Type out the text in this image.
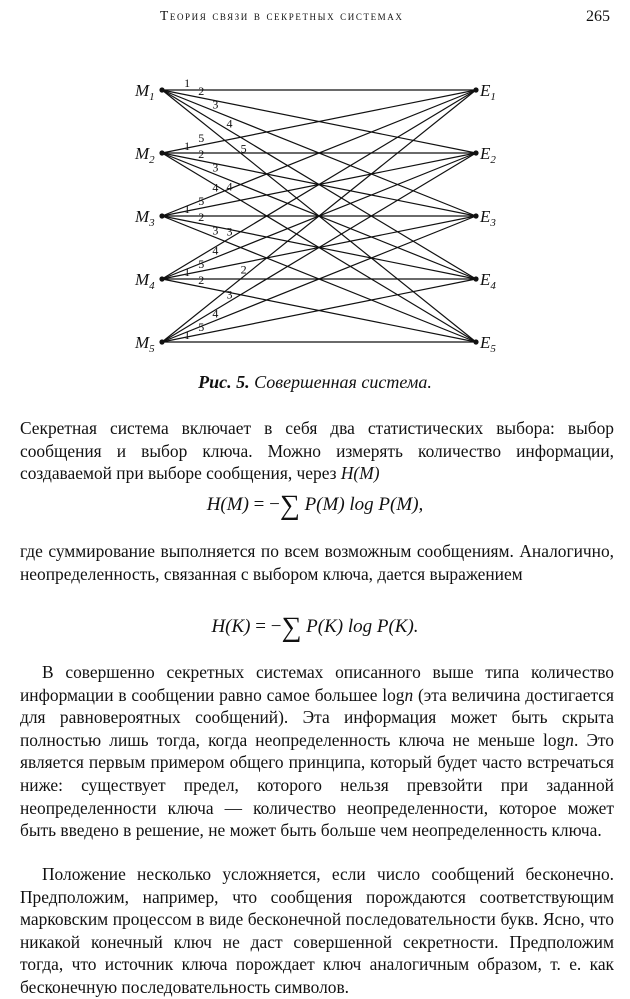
Теория связи в секретных системах	265
1
2
3
4
5
5
1
2
3
4
4
5
1
2
3 3
4
5
1
2
2
3
4
5
1
$M_1$	$E_1$
$M_2$	$E_2$
$M_3$	$E_3$
$M_4$	$E_4$
$M_5$	$E_5$
Рис. 5. Совершенная система.
Секретная система включает в себя два статистических выбора: выбор сообщения и выбор ключа. Можно измерять количество информации, создаваемой при выборе сообщения, через H(M)
H(M) = −∑ P(M) log P(M),
где суммирование выполняется по всем возможным сообщениям. Аналогично, неопределенность, связанная с выбором ключа, дается выражением
H(K) = −∑ P(K) log P(K).
В совершенно секретных системах описанного выше типа количество информации в сообщении равно самое большее logn (эта величина достигается для равновероятных сообщений). Эта информация может быть скрыта полностью лишь тогда, когда неопределенность ключа не меньше logn. Это является первым примером общего принципа, который будет часто встречаться ниже: существует предел, которого нельзя превзойти при заданной неопределенности ключа — количество неопределенности, которое может быть введено в решение, не может быть больше чем неопределенность ключа.
Положение несколько усложняется, если число сообщений бесконечно. Предположим, например, что сообщения порождаются соответствующим марковским процессом в виде бесконечной последовательности букв. Ясно, что никакой конечный ключ не даст совершенной секретности. Предположим тогда, что источник ключа порождает ключ аналогичным образом, т. е. как бесконечную последовательность символов.
